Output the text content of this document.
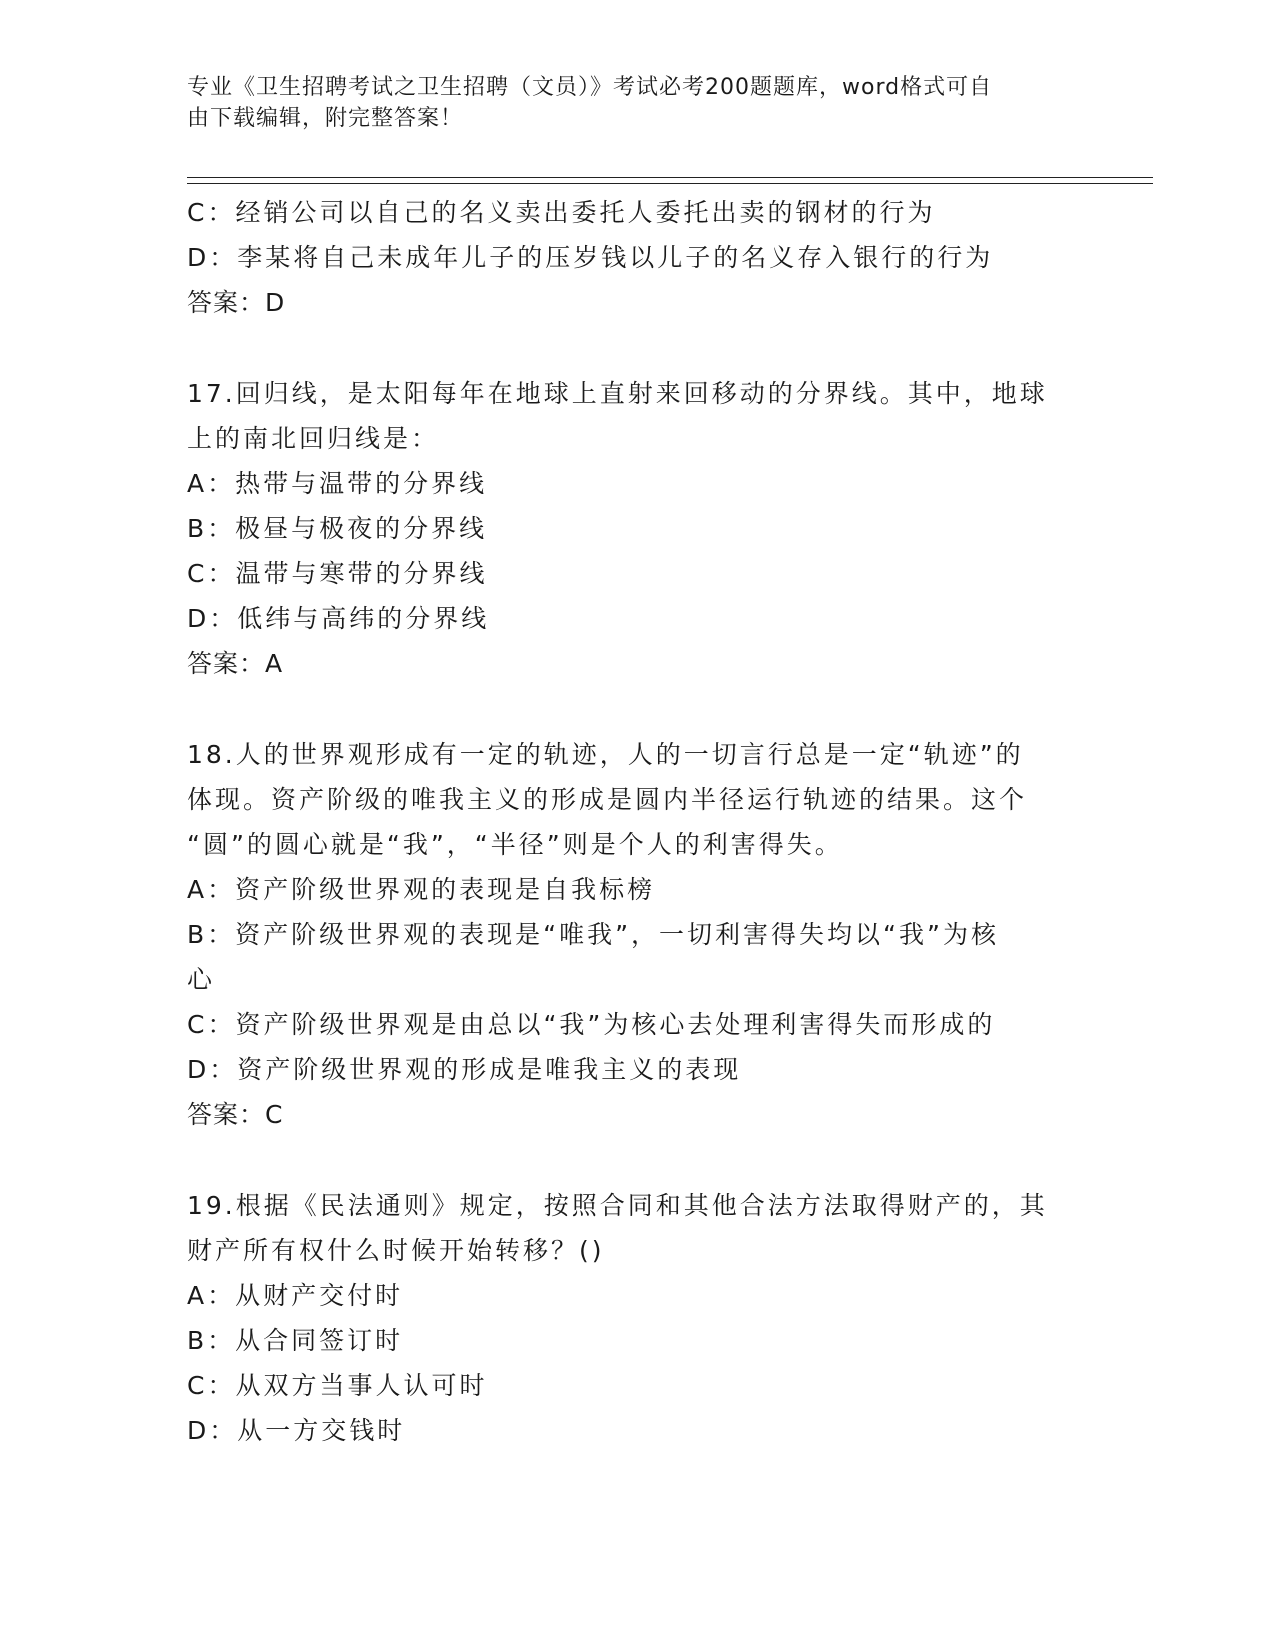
专业《卫生招聘考试之卫生招聘（文员）》考试必考200题题库，word格式可自
由下载编辑，附完整答案！
C：经销公司以自己的名义卖出委托人委托出卖的钢材的行为
D：李某将自己未成年儿子的压岁钱以儿子的名义存入银行的行为
答案：D
17.回归线，是太阳每年在地球上直射来回移动的分界线。其中，地球
上的南北回归线是：
A：热带与温带的分界线
B：极昼与极夜的分界线
C：温带与寒带的分界线
D：低纬与高纬的分界线
答案：A
18.人的世界观形成有一定的轨迹，人的一切言行总是一定“轨迹”的
体现。资产阶级的唯我主义的形成是圆内半径运行轨迹的结果。这个
“圆”的圆心就是“我”，“半径”则是个人的利害得失。
A：资产阶级世界观的表现是自我标榜
B：资产阶级世界观的表现是“唯我”，一切利害得失均以“我”为核
心
C：资产阶级世界观是由总以“我”为核心去处理利害得失而形成的
D：资产阶级世界观的形成是唯我主义的表现
答案：C
19.根据《民法通则》规定，按照合同和其他合法方法取得财产的，其
财产所有权什么时候开始转移？()
A：从财产交付时
B：从合同签订时
C：从双方当事人认可时
D：从一方交钱时
